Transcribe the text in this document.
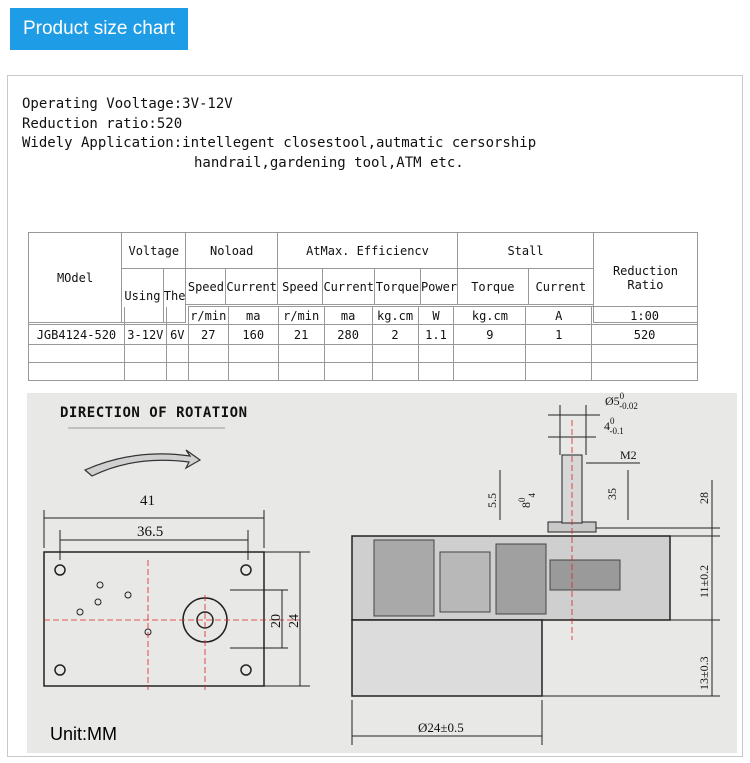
Product size chart
Operating Vooltage:3V-12V
Reduction ratio:520
Widely Application:intellegent closestool,autmatic cersorship
handrail,gardening tool,ATM etc.
MOdel	Voltage		Noload		AtMax. Efficiencv				Stall		Reduction
Ratio
	Using	The	Speed	Current	Speed	Current	Torque	Power	Torque	Current	

			r/min	ma	r/min	ma	kg.cm	W	kg.cm	A	1:00
JGB4124-520	3-12V	6V	27	160	21	280	2	1.1	9	1	520

41
36.5
20 24
$Ø5^0$ -0.02
$4^0$ -0.1
M2
5.5 $8^0_4$	35	28
11±0.2
13±0.3
Ø24±0.5
DIRECTION OF ROTATION
Unit:MM
